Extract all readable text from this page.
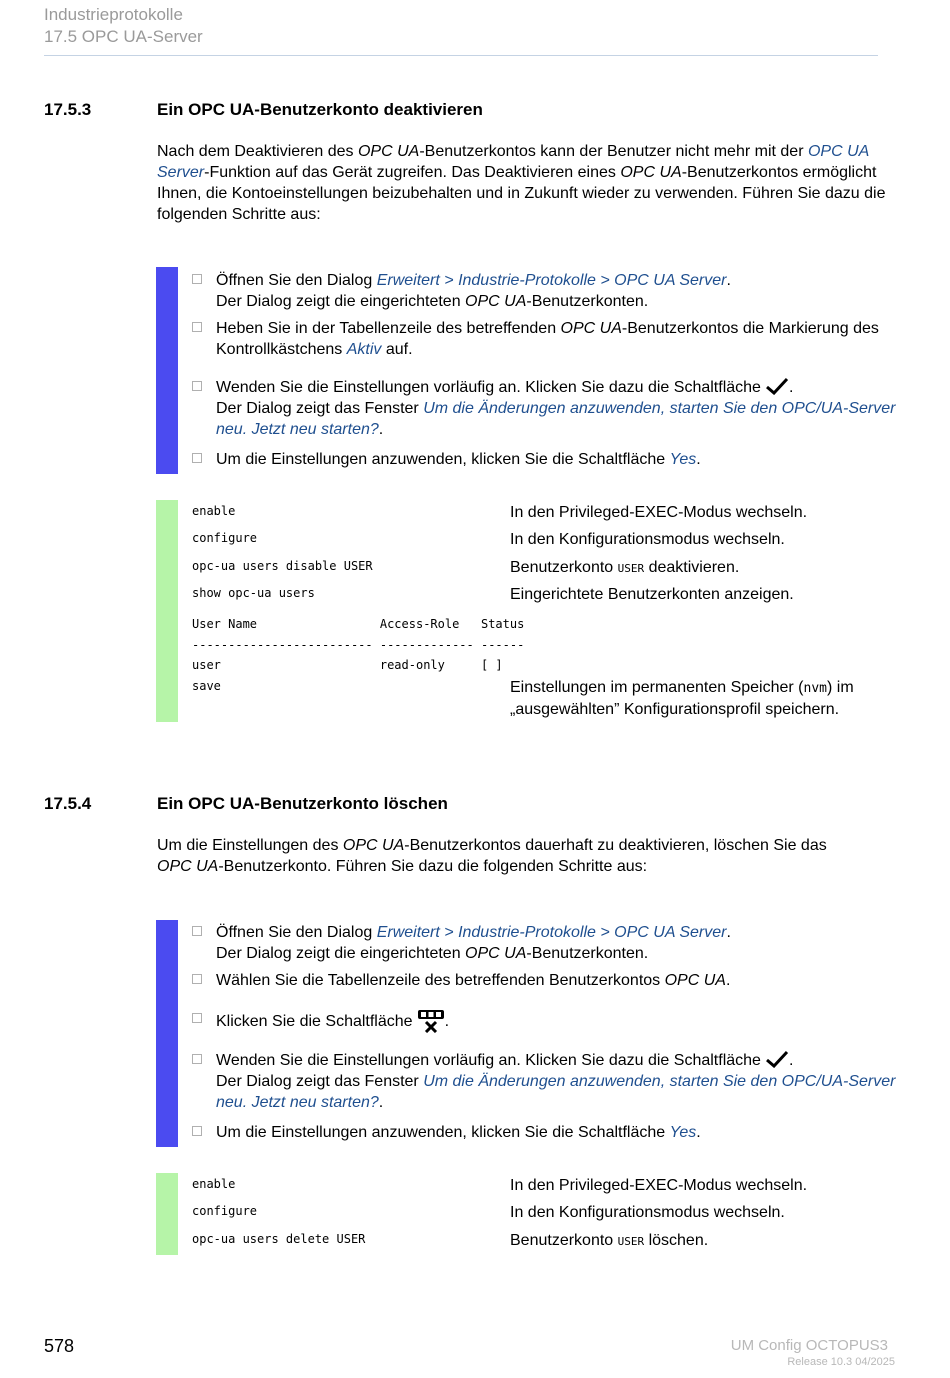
Industrieprotokolle
17.5 OPC UA-Server
17.5.3	Ein OPC UA-Benutzerkonto deaktivieren
Nach dem Deaktivieren des OPC UA-Benutzerkontos kann der Benutzer nicht mehr mit der OPC UA Server-Funktion auf das Gerät zugreifen. Das Deaktivieren eines OPC UA-Benutzerkontos ermöglicht Ihnen, die Kontoeinstellungen beizubehalten und in Zukunft wieder zu verwenden. Führen Sie dazu die folgenden Schritte aus:
Öffnen Sie den Dialog Erweitert > Industrie-Protokolle > OPC UA Server.
Der Dialog zeigt die eingerichteten OPC UA-Benutzerkonten.
Heben Sie in der Tabellenzeile des betreffenden OPC UA-Benutzerkontos die Markierung des Kontrollkästchens Aktiv auf.
Wenden Sie die Einstellungen vorläufig an. Klicken Sie dazu die Schaltfläche .
Der Dialog zeigt das Fenster Um die Änderungen anzuwenden, starten Sie den OPC/UA-Server neu. Jetzt neu starten?.
Um die Einstellungen anzuwenden, klicken Sie die Schaltfläche Yes.
enable	In den Privileged-EXEC-Modus wechseln.
configure	In den Konfigurationsmodus wechseln.
opc-ua users disable USER	Benutzerkonto USER deaktivieren.
show opc-ua users	Eingerichtete Benutzerkonten anzeigen.
User Name                 Access-Role   Status
------------------------- ------------- ------
user                      read-only     [ ]
save	Einstellungen im permanenten Speicher (nvm) im „ausgewählten” Konfigurationsprofil speichern.
17.5.4	Ein OPC UA-Benutzerkonto löschen
Um die Einstellungen des OPC UA-Benutzerkontos dauerhaft zu deaktivieren, löschen Sie das
OPC UA-Benutzerkonto. Führen Sie dazu die folgenden Schritte aus:
Öffnen Sie den Dialog Erweitert > Industrie-Protokolle > OPC UA Server.
Der Dialog zeigt die eingerichteten OPC UA-Benutzerkonten.
Wählen Sie die Tabellenzeile des betreffenden Benutzerkontos OPC UA.
Klicken Sie die Schaltfläche .
Wenden Sie die Einstellungen vorläufig an. Klicken Sie dazu die Schaltfläche .
Der Dialog zeigt das Fenster Um die Änderungen anzuwenden, starten Sie den OPC/UA-Server neu. Jetzt neu starten?.
Um die Einstellungen anzuwenden, klicken Sie die Schaltfläche Yes.
enable	In den Privileged-EXEC-Modus wechseln.
configure	In den Konfigurationsmodus wechseln.
opc-ua users delete USER	Benutzerkonto USER löschen.
578	UM Config OCTOPUS3
Release 10.3 04/2025
